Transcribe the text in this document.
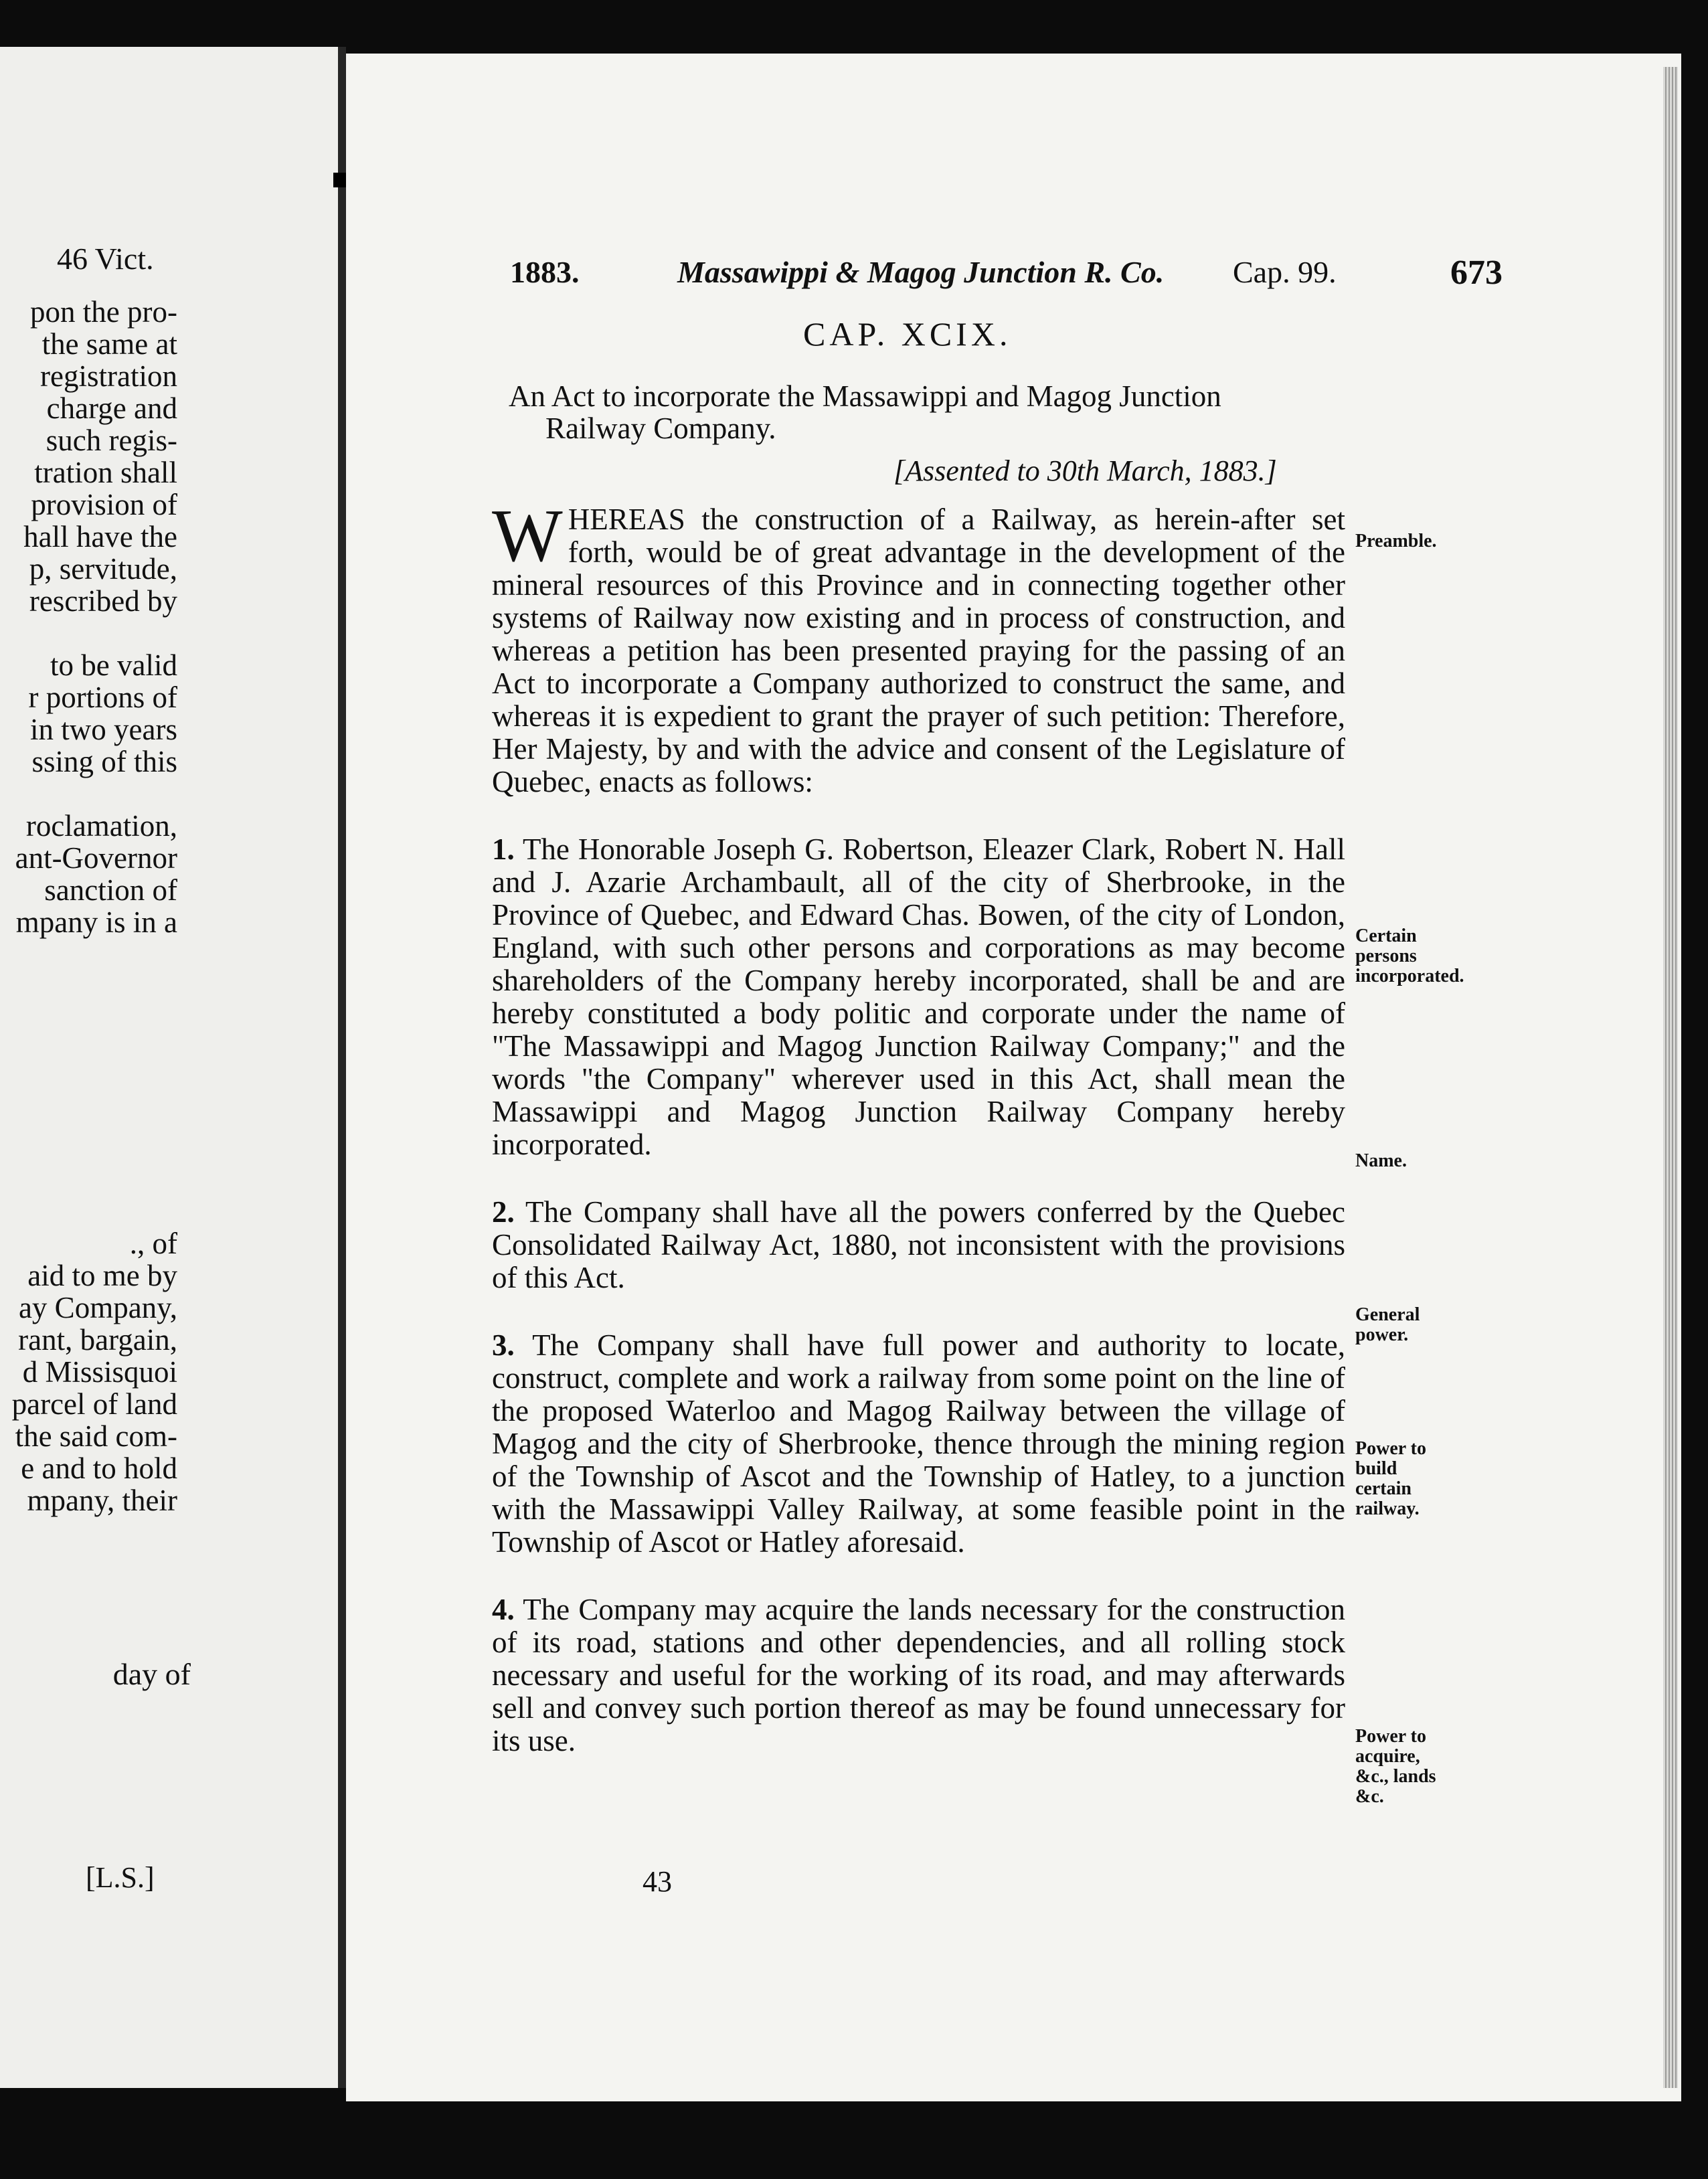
46 Vict.
pon the pro-
the same at
registration
charge and
such regis-
tration shall
provision of
hall have the
p, servitude,
rescribed by
to be valid
r portions of
in two years
ssing of this
roclamation,
ant-Governor
sanction of
mpany is in a
., of
aid to me by
ay Company,
rant, bargain,
d Missisquoi
parcel of land
the said com-
e and to hold
mpany, their
day of
[L.S.]
1883.	Massawippi & Magog Junction R. Co. Cap. 99.	673
CAP. XCIX.
An Act to incorporate the Massawippi and Magog Junction
Railway Company.
[Assented to 30th March, 1883.]

WHEREAS the construction of a Railway, as herein-after set forth, would be of great advantage in the development of the mineral resources of this Province and in connecting together other systems of Railway now existing and in process of construction, and whereas a petition has been presented praying for the passing of an Act to incorporate a Company authorized to construct the same, and whereas it is expedient to grant the prayer of such petition: Therefore, Her Majesty, by and with the advice and consent of the Legislature of Quebec, enacts as follows:

1. The Honorable Joseph G. Robertson, Eleazer Clark, Robert N. Hall and J. Azarie Archambault, all of the city of Sherbrooke, in the Province of Quebec, and Edward Chas. Bowen, of the city of London, England, with such other persons and corporations as may become shareholders of the Company hereby incorporated, shall be and are hereby constituted a body politic and corporate under the name of "The Massawippi and Magog Junction Railway Company;" and the words "the Company" wherever used in this Act, shall mean the Massawippi and Magog Junction Railway Company hereby incorporated.

2. The Company shall have all the powers conferred by the Quebec Consolidated Railway Act, 1880, not inconsistent with the provisions of this Act.

3. The Company shall have full power and authority to locate, construct, complete and work a railway from some point on the line of the proposed Waterloo and Magog Railway between the village of Magog and the city of Sherbrooke, thence through the mining region of the Township of Ascot and the Township of Hatley, to a junction with the Massawippi Valley Railway, at some feasible point in the Township of Ascot or Hatley aforesaid.

4. The Company may acquire the lands necessary for the construction of its road, stations and other dependencies, and all rolling stock necessary and useful for the working of its road, and may afterwards sell and convey such portion thereof as may be found unnecessary for its use.

Preamble.
Certain persons incorporated.
Name.
General power.
Power to build certain railway.
Power to acquire, &c., lands &c.
43
